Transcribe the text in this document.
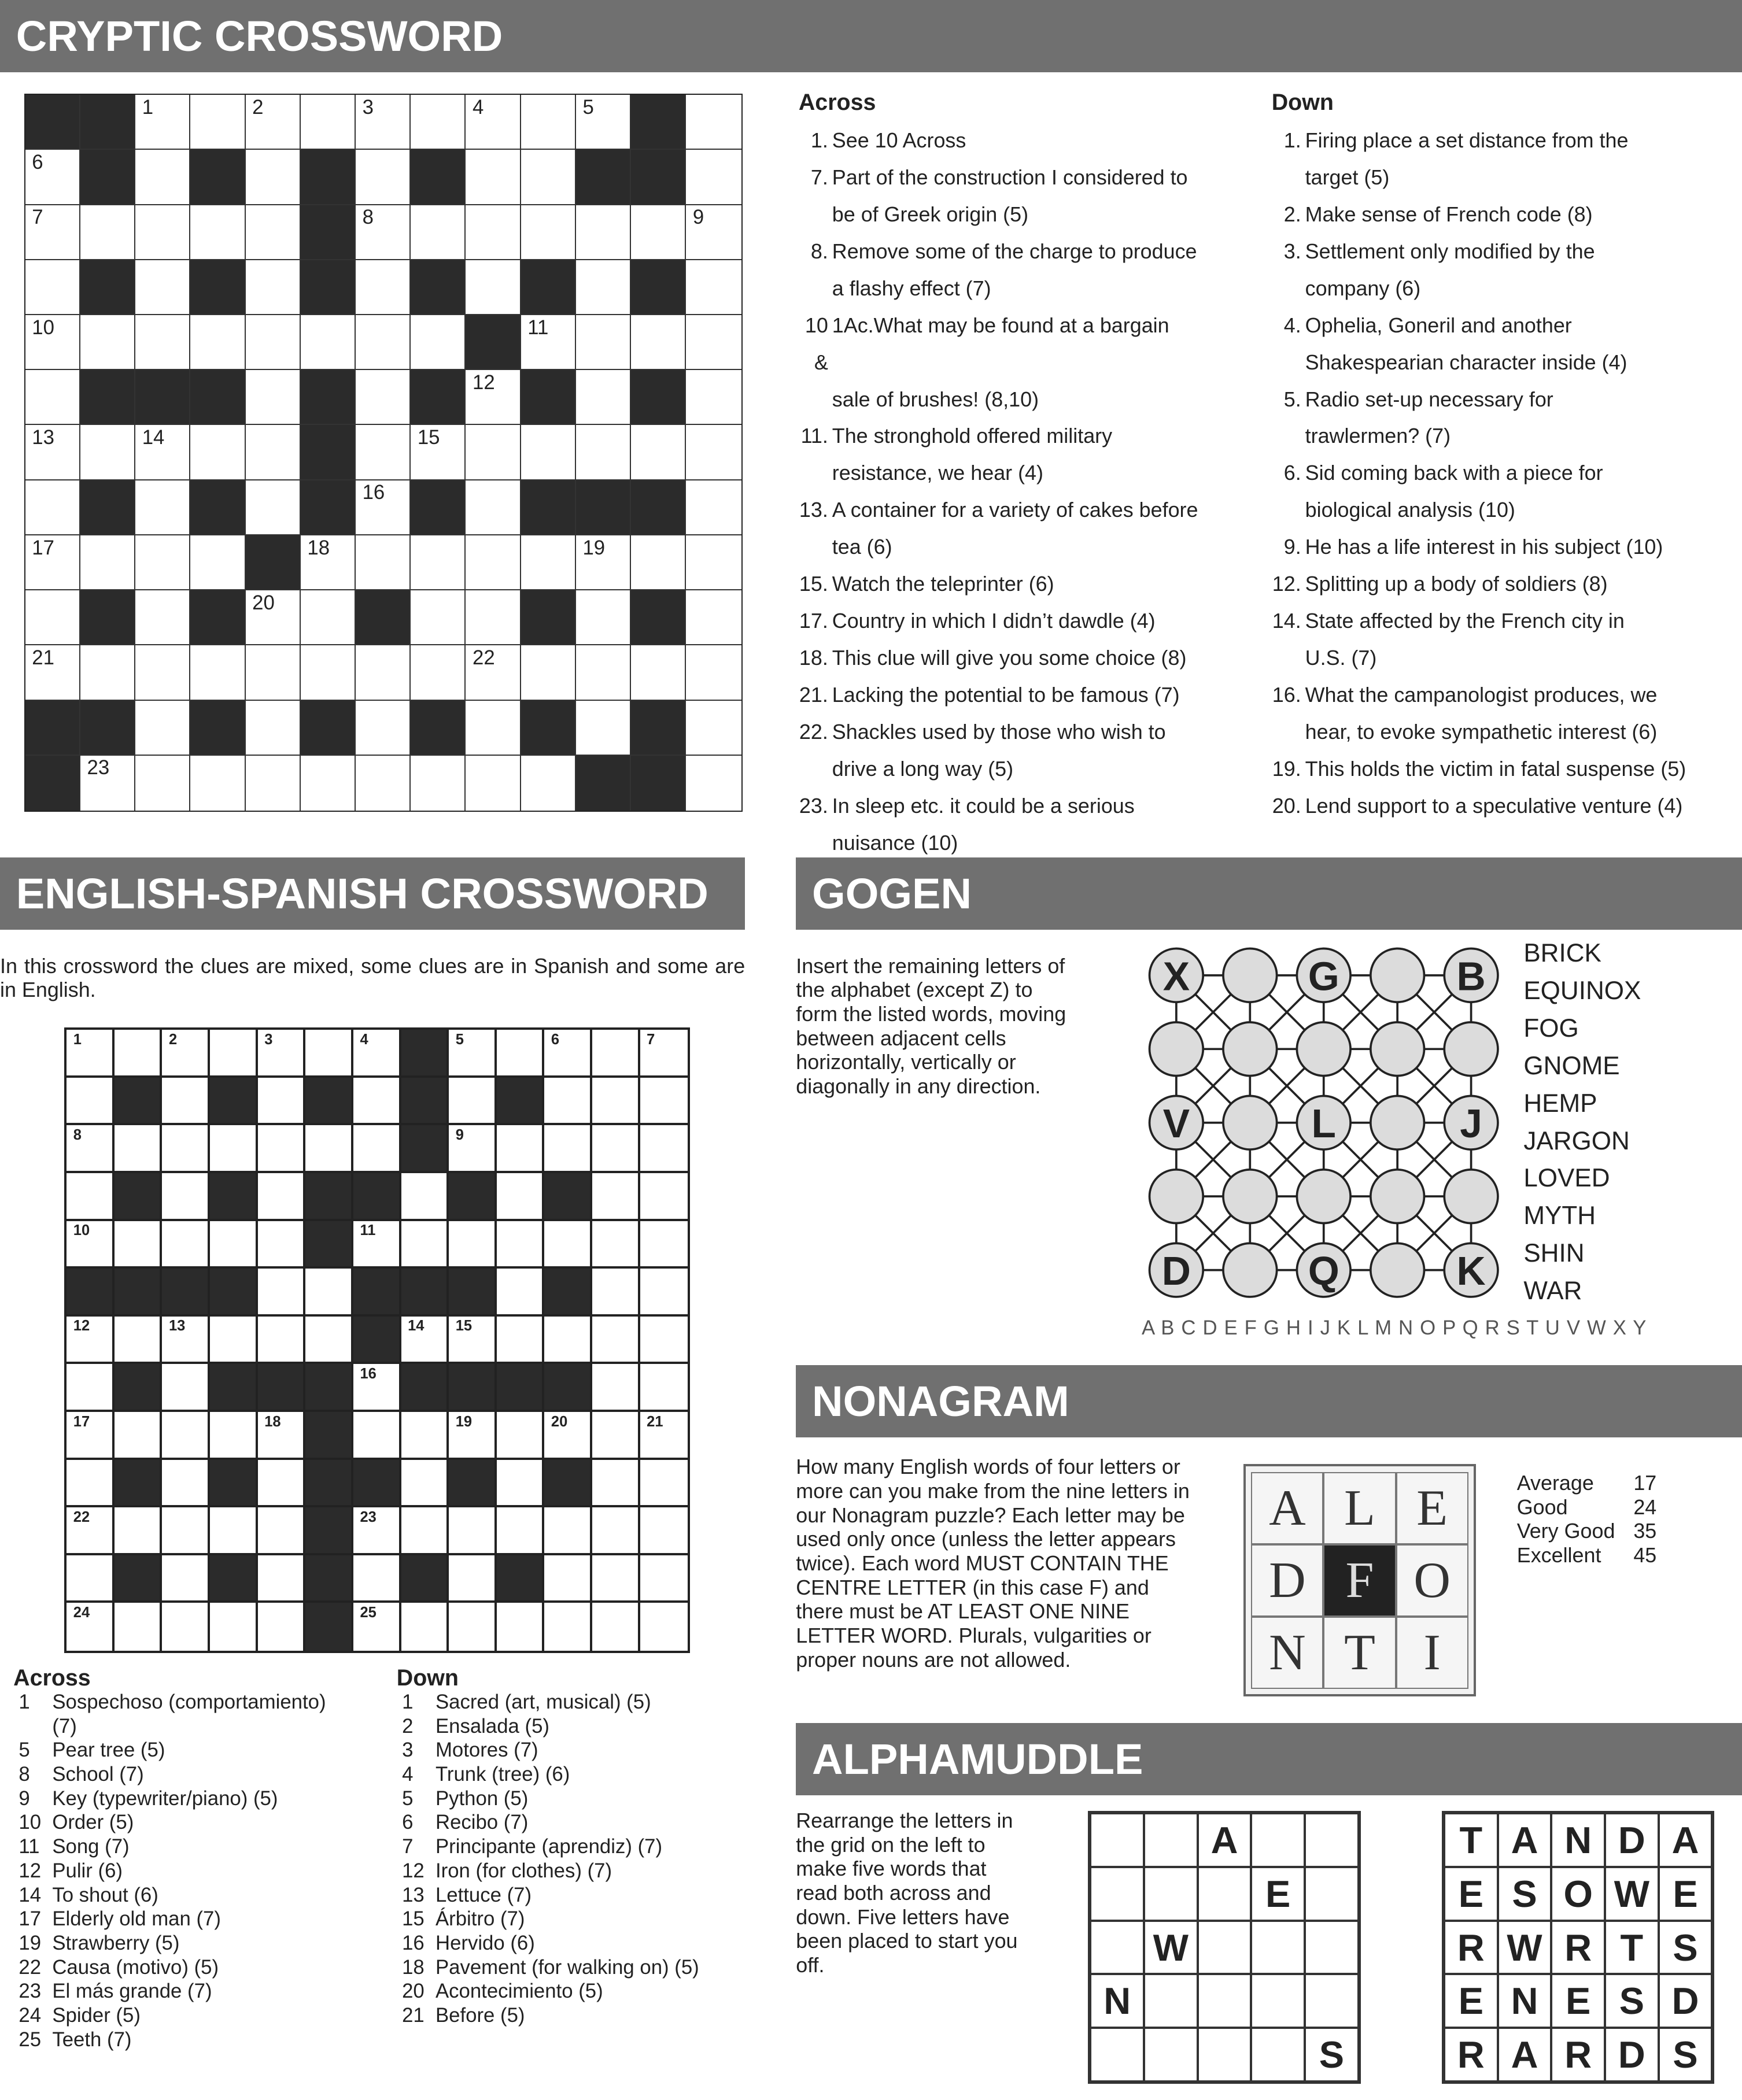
CRYPTIC CROSSWORD
1	2	3	4	5
6
7	8	9
10	11
12
13	14	15
16
17	18	19
20
21	22
23
Across
1. See 10 Across
7. Part of the construction I considered to
be of Greek origin (5)
8. Remove some of the charge to produce
a flashy effect (7)
10 &
1Ac.What may be found at a bargain
sale of brushes! (8,10)
11. The stronghold offered military
resistance, we hear (4)
13. A container for a variety of cakes before
tea (6)
15. Watch the teleprinter (6)
17. Country in which I didn’t dawdle (4)
18. This clue will give you some choice (8)
21. Lacking the potential to be famous (7)
22. Shackles used by those who wish to
drive a long way (5)
23. In sleep etc. it could be a serious
nuisance (10)
Down
1. Firing place a set distance from the
target (5)
2. Make sense of French code (8)
3. Settlement only modified by the
company (6)
4. Ophelia, Goneril and another
Shakespearian character inside (4)
5. Radio set-up necessary for
trawlermen? (7)
6. Sid coming back with a piece for
biological analysis (10)
9. He has a life interest in his subject (10)
12. Splitting up a body of soldiers (8)
14. State affected by the French city in
U.S. (7)
16. What the campanologist produces, we
hear, to evoke sympathetic interest (6)
19. This holds the victim in fatal suspense (5)
20. Lend support to a speculative venture (4)
ENGLISH-SPANISH CROSSWORD
In this crossword the clues are mixed, some clues are in Spanish and some are in English.
1	2	3	4	5	6	7
8	9
10	11
12	13	14	15
16
17	18	19	20	21
22	23
24	25
Across
1	Sospechoso (comportamiento)
(7)
5	Pear tree (5)
8	School (7)
9	Key (typewriter/piano) (5)
10	Order (5)
11	Song (7)
12	Pulir (6)
14	To shout (6)
17	Elderly old man (7)
19	Strawberry (5)
22	Causa (motivo) (5)
23	El más grande (7)
24	Spider (5)
25	Teeth (7)
Down
1	Sacred (art, musical) (5)
2	Ensalada (5)
3	Motores (7)
4	Trunk (tree) (6)
5	Python (5)
6	Recibo (7)
7	Principante (aprendiz) (7)
12	Iron (for clothes) (7)
13	Lettuce (7)
15	Árbitro (7)
16	Hervido (6)
18	Pavement (for walking on) (5)
20	Acontecimiento (5)
21	Before (5)
GOGEN
Insert the remaining letters of the alphabet (except Z) to form the listed words, moving between adjacent cells horizontally, vertically or diagonally in any direction.
X	G	B
V	L	J
D	Q	K
BRICK
EQUINOX
FOG
GNOME
HEMP
JARGON
LOVED
MYTH
SHIN
WAR
A B C D E F G H I J K L M N O P Q R S T U V W X Y
NONAGRAM
How many English words of four letters or more can you make from the nine letters in our Nonagram puzzle? Each letter may be used only once (unless the letter appears twice). Each word MUST CONTAIN THE CENTRE LETTER (in this case F) and there must be AT LEAST ONE NINE LETTER WORD. Plurals, vulgarities or proper nouns are not allowed.
A	L	E
D	F	O
N	T	I
Average	17
Good	24
Very Good	35
Excellent	45
ALPHAMUDDLE
Rearrange the letters in the grid on the left to make five words that read both across and down. Five letters have been placed to start you off.
A
E
W
N
S
T	A	N	D	A
E	S	O	W	E
R	W	R	T	S
E	N	E	S	D
R	A	R	D	S
